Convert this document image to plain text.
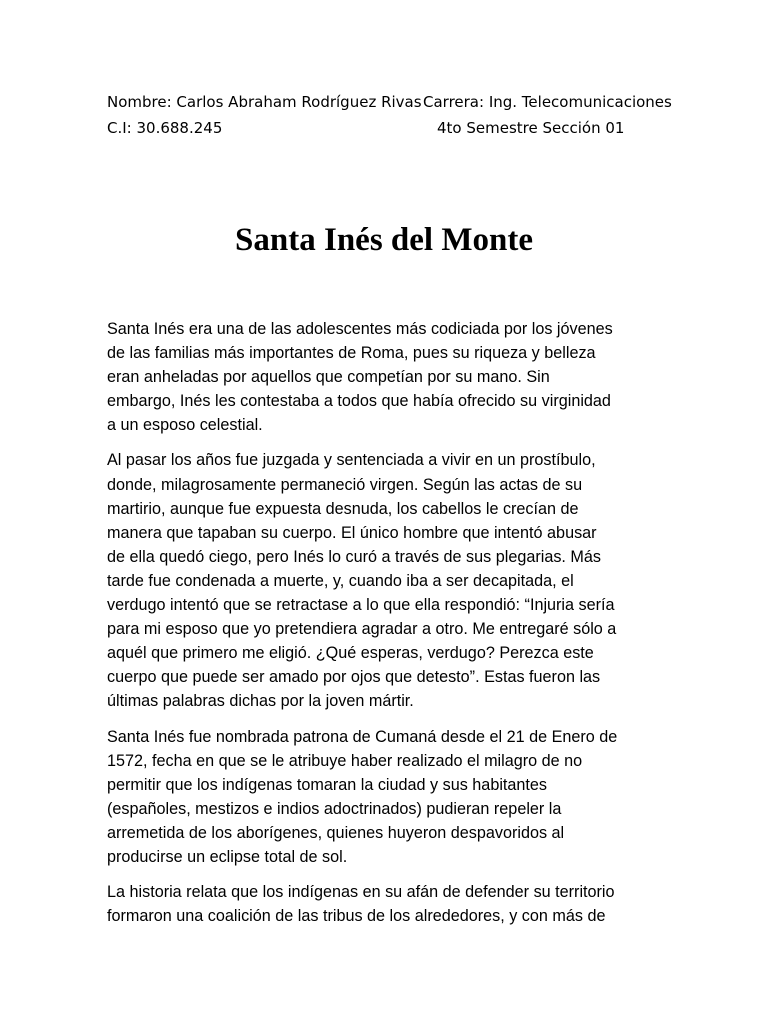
Nombre: Carlos Abraham Rodríguez Rivas Carrera: Ing. Telecomunicaciones
C.I: 30.688.245	4to Semestre Sección 01
Santa Inés del Monte

Santa Inés era una de las adolescentes más codiciada por los jóvenes
de las familias más importantes de Roma, pues su riqueza y belleza
eran anheladas por aquellos que competían por su mano. Sin
embargo, Inés les contestaba a todos que había ofrecido su virginidad
a un esposo celestial.

Al pasar los años fue juzgada y sentenciada a vivir en un prostíbulo,
donde, milagrosamente permaneció virgen. Según las actas de su
martirio, aunque fue expuesta desnuda, los cabellos le crecían de
manera que tapaban su cuerpo. El único hombre que intentó abusar
de ella quedó ciego, pero Inés lo curó a través de sus plegarias. Más
tarde fue condenada a muerte, y, cuando iba a ser decapitada, el
verdugo intentó que se retractase a lo que ella respondió: “Injuria sería
para mi esposo que yo pretendiera agradar a otro. Me entregaré sólo a
aquél que primero me eligió. ¿Qué esperas, verdugo? Perezca este
cuerpo que puede ser amado por ojos que detesto”. Estas fueron las
últimas palabras dichas por la joven mártir.

Santa Inés fue nombrada patrona de Cumaná desde el 21 de Enero de
1572, fecha en que se le atribuye haber realizado el milagro de no
permitir que los indígenas tomaran la ciudad y sus habitantes
(españoles, mestizos e indios adoctrinados) pudieran repeler la
arremetida de los aborígenes, quienes huyeron despavoridos al
producirse un eclipse total de sol.

La historia relata que los indígenas en su afán de defender su territorio
formaron una coalición de las tribus de los alrededores, y con más de
